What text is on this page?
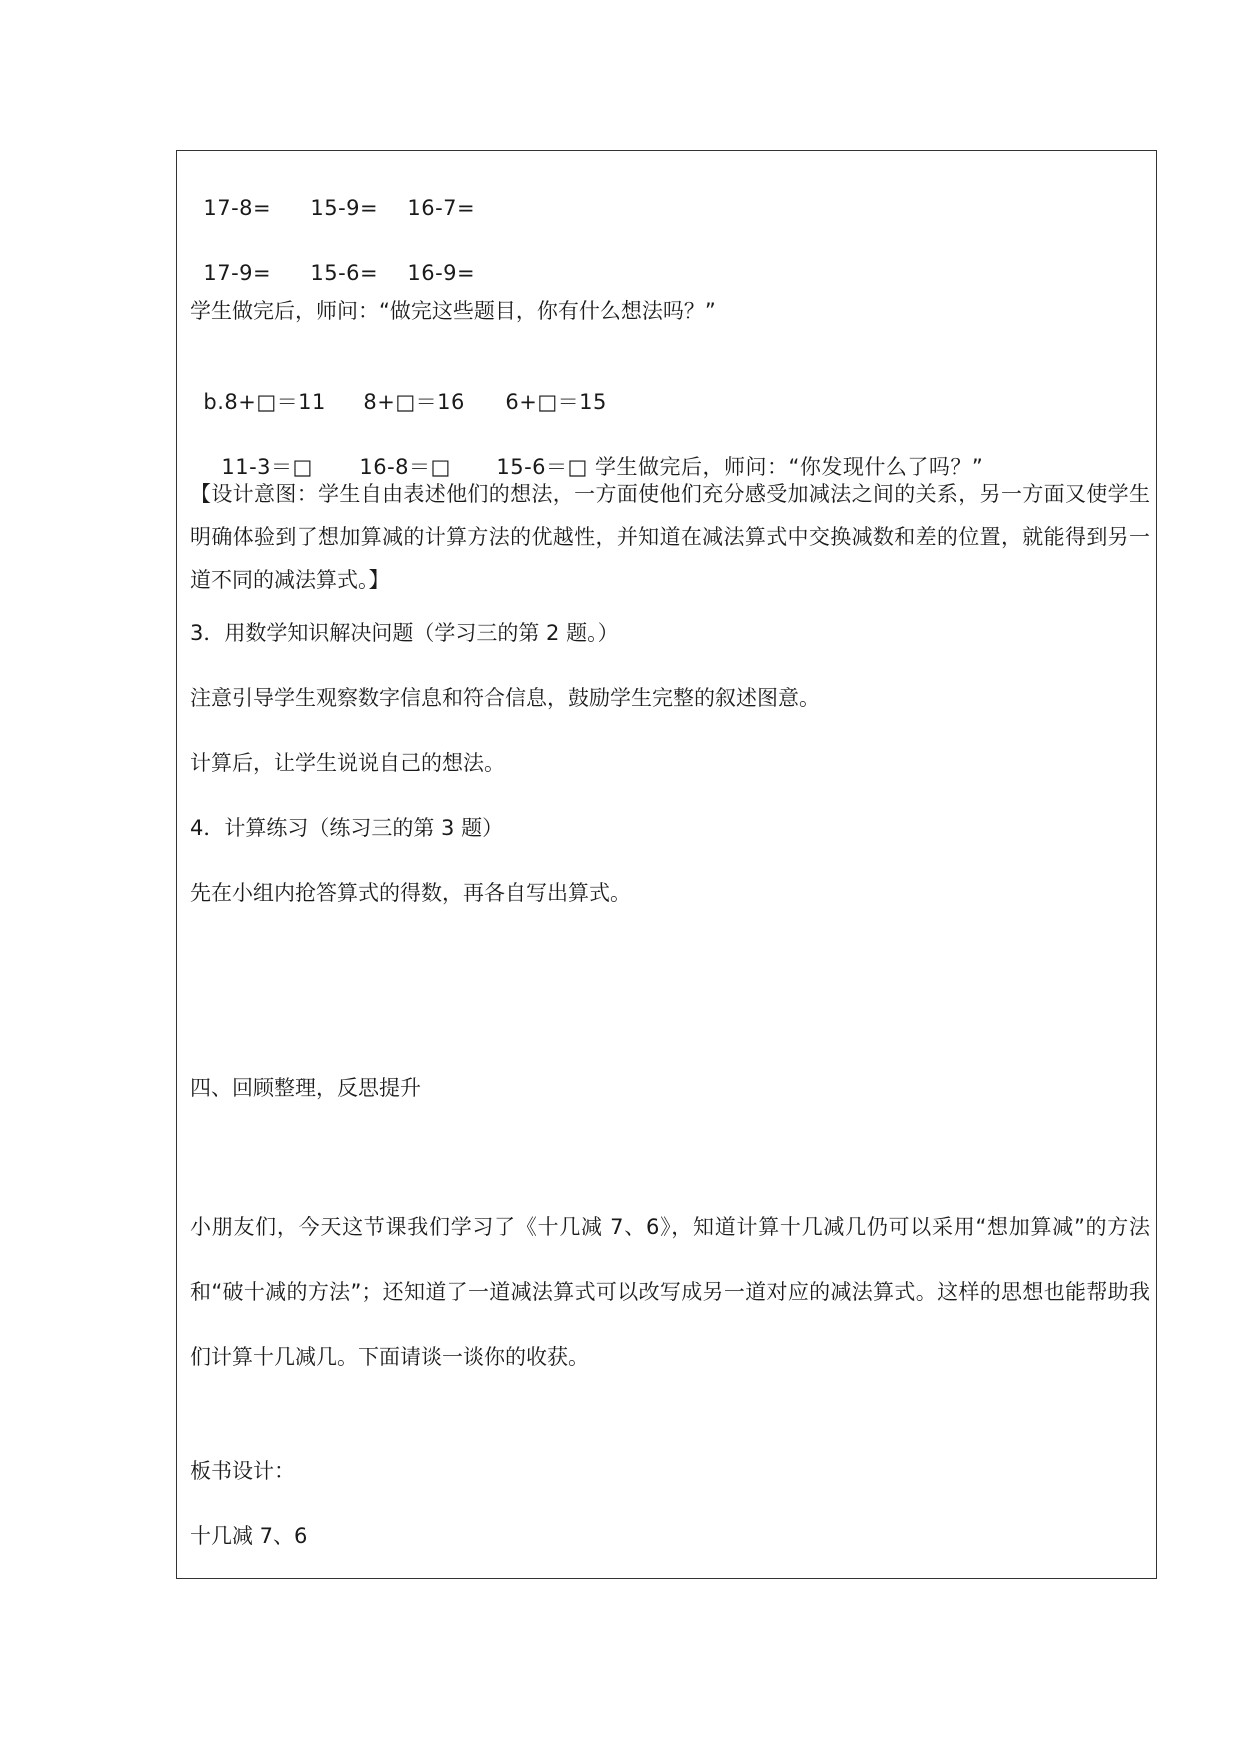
17-8= 15-9= 16-7=

17-9= 15-6= 16-9=

学生做完后，师问：“做完这些题目，你有什么想法吗？”

b.8+□＝11 8+□＝16 6+□＝15

11-3＝□ 16-8＝□ 15-6＝□ 学生做完后，师问：“你发现什么了吗？”

【设计意图：学生自由表述他们的想法，一方面使他们充分感受加减法之间的关系，另一方面又使学生明确体验到了想加算减的计算方法的优越性，并知道在减法算式中交换减数和差的位置，就能得到另一道不同的减法算式。】

3．用数学知识解决问题（学习三的第 2 题。）

注意引导学生观察数字信息和符合信息，鼓励学生完整的叙述图意。

计算后，让学生说说自己的想法。

4．计算练习（练习三的第 3 题）

先在小组内抢答算式的得数，再各自写出算式。

四、回顾整理，反思提升

小朋友们，今天这节课我们学习了《十几减 7、6》，知道计算十几减几仍可以采用“想加算减”的方法和“破十减的方法”；还知道了一道减法算式可以改写成另一道对应的减法算式。这样的思想也能帮助我们计算十几减几。下面请谈一谈你的收获。

板书设计：

十几减 7、6
